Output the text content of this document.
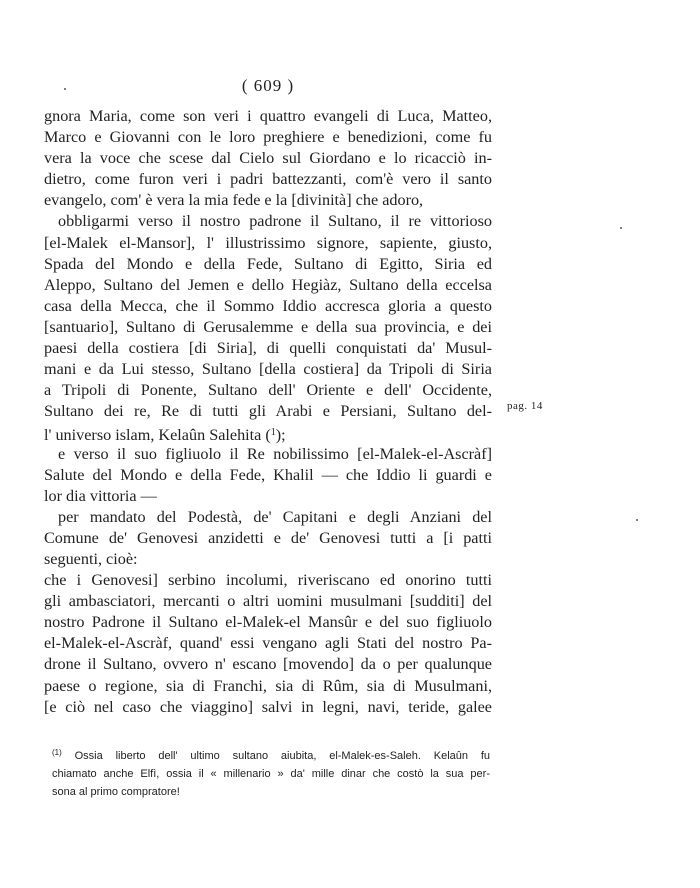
( 609 )
gnora Maria, come son veri i quattro evangeli di Luca, Matteo,
Marco e Giovanni con le loro preghiere e benedizioni, come fu
vera la voce che scese dal Cielo sul Giordano e lo ricacciò in-
dietro, come furon veri i padri battezzanti, com'è vero il santo
evangelo, com' è vera la mia fede e la [divinità] che adoro,
obbligarmi verso il nostro padrone il Sultano, il re vittorioso
[el-Malek el-Mansor], l' illustrissimo signore, sapiente, giusto,
Spada del Mondo e della Fede, Sultano di Egitto, Siria ed
Aleppo, Sultano del Jemen e dello Hegiàz, Sultano della eccelsa
casa della Mecca, che il Sommo Iddio accresca gloria a questo
[santuario], Sultano di Gerusalemme e della sua provincia, e dei
paesi della costiera [di Siria], di quelli conquistati da' Musul-
mani e da Lui stesso, Sultano [della costiera] da Tripoli di Siria
a Tripoli di Ponente, Sultano dell' Oriente e dell' Occidente,
Sultano dei re, Re di tutti gli Arabi e Persiani, Sultano del-
l' universo islam, Kelaûn Salehita ($^1$);
e verso il suo figliuolo il Re nobilissimo [el-Malek-el-Ascràf]
Salute del Mondo e della Fede, Khalil — che Iddio li guardi e
lor dia vittoria —
per mandato del Podestà, de' Capitani e degli Anziani del
Comune de' Genovesi anzidetti e de' Genovesi tutti a [i patti
seguenti, cioè:
che i Genovesi] serbino incolumi, riveriscano ed onorino tutti
gli ambasciatori, mercanti o altri uomini musulmani [sudditi] del
nostro Padrone il Sultano el-Malek-el Mansûr e del suo figliuolo
el-Malek-el-Ascràf, quand' essi vengano agli Stati del nostro Pa-
drone il Sultano, ovvero n' escano [movendo] da o per qualunque
paese o regione, sia di Franchi, sia di Rûm, sia di Musulmani,
[e ciò nel caso che viaggino] salvi in legni, navi, teride, galee
pag. 14
$^{(1)}$ Ossia liberto dell' ultimo sultano aiubita, el-Malek-es-Saleh. Kelaûn fu
chiamato anche Elfì, ossia il « millenario » da' mille dinar che costò la sua per-
sona al primo compratore!
